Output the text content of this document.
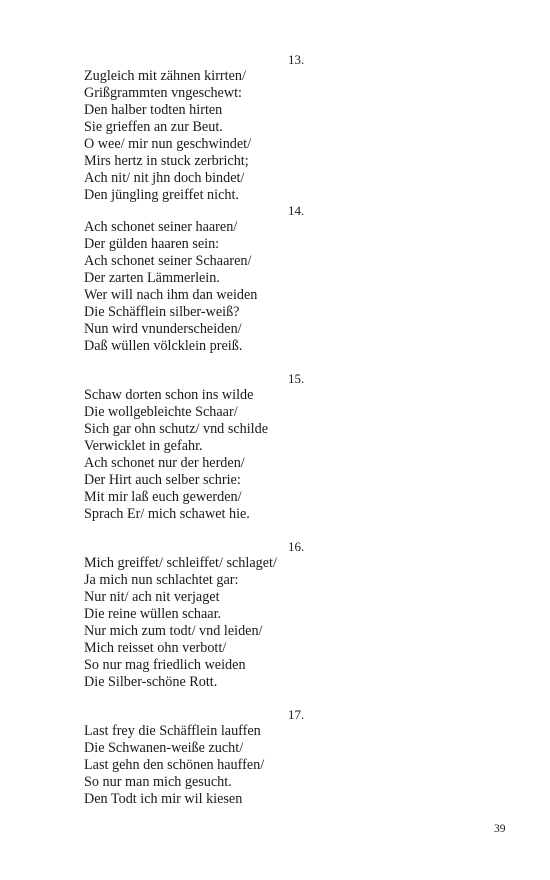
13.
Zugleich mit zähnen kirrten/
Grißgrammten vngeschewt:
Den halber todten hirten
Sie grieffen an zur Beut.
O wee/ mir nun geschwindet/
Mirs hertz in stuck zerbricht;
Ach nit/ nit jhn doch bindet/
Den jüngling greiffet nicht.
14.
Ach schonet seiner haaren/
Der gülden haaren sein:
Ach schonet seiner Schaaren/
Der zarten Lämmerlein.
Wer will nach ihm dan weiden
Die Schäfflein silber-weiß?
Nun wird vnunderscheiden/
Daß wüllen völcklein preiß.
15.
Schaw dorten schon ins wilde
Die wollgebleichte Schaar/
Sich gar ohn schutz/ vnd schilde
Verwicklet in gefahr.
Ach schonet nur der herden/
Der Hirt auch selber schrie:
Mit mir laß euch gewerden/
Sprach Er/ mich schawet hie.
16.
Mich greiffet/ schleiffet/ schlaget/
Ja mich nun schlachtet gar:
Nur nit/ ach nit verjaget
Die reine wüllen schaar.
Nur mich zum todt/ vnd leiden/
Mich reisset ohn verbott/
So nur mag friedlich weiden
Die Silber-schöne Rott.
17.
Last frey die Schäfflein lauffen
Die Schwanen-weiße zucht/
Last gehn den schönen hauffen/
So nur man mich gesucht.
Den Todt ich mir wil kiesen
39
